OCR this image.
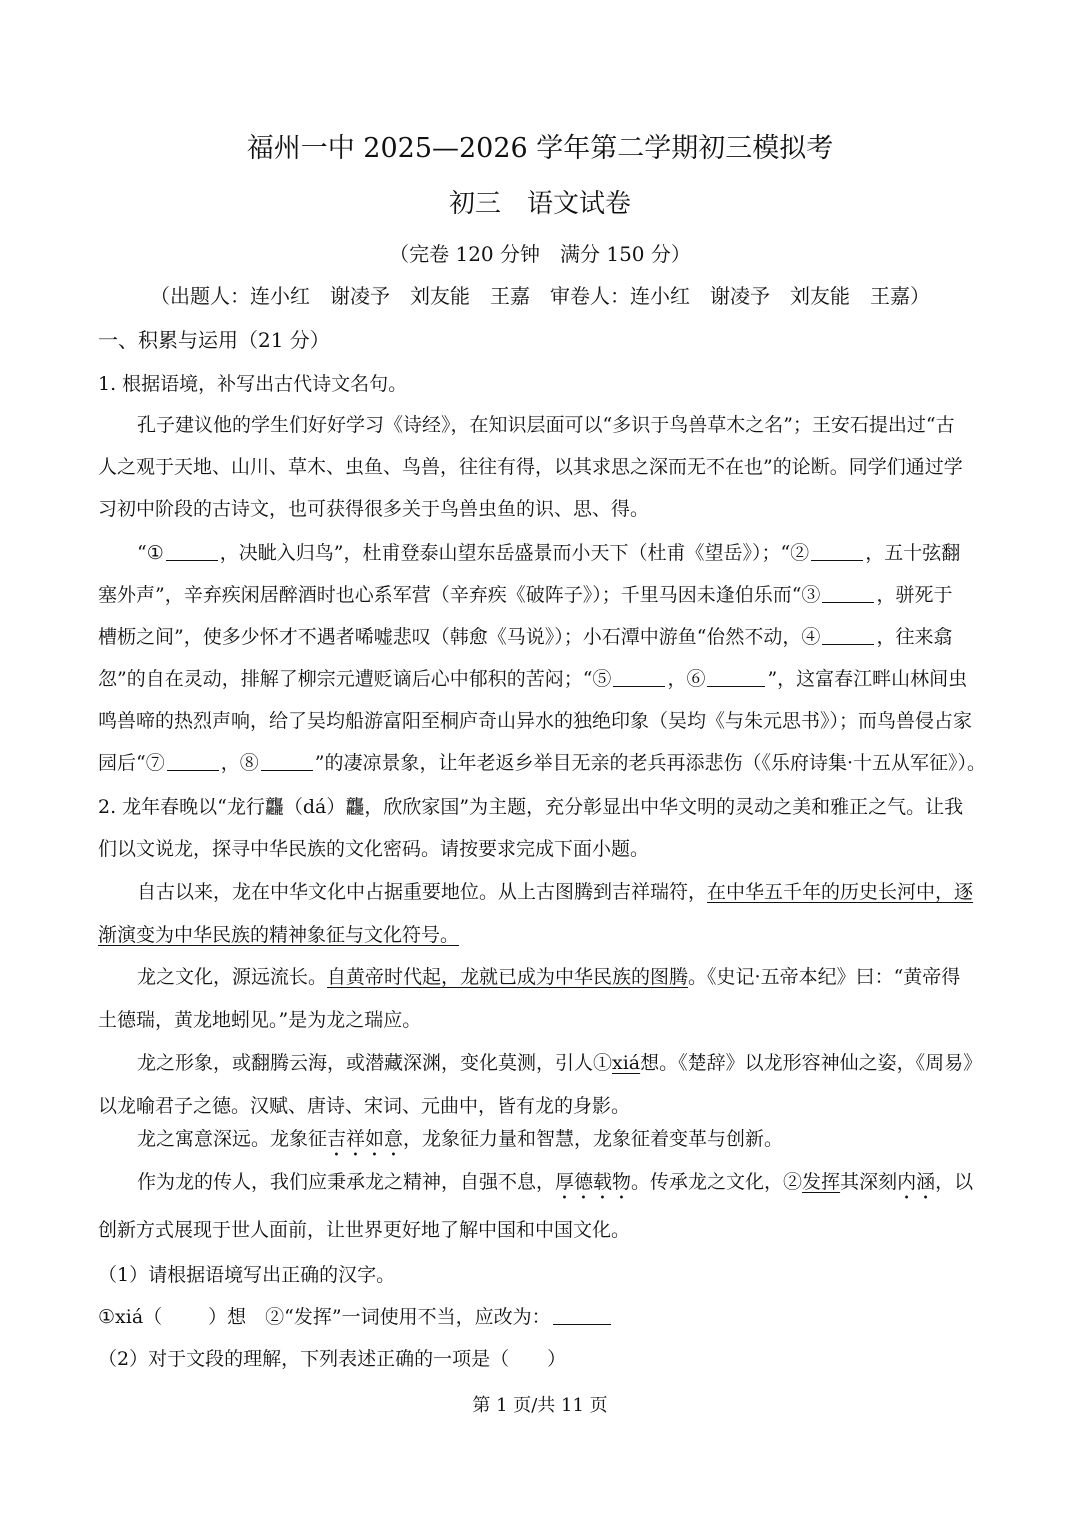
福州一中 2025—2026 学年第二学期初三模拟考
初三　语文试卷
（完卷 120 分钟　满分 150 分）
（出题人：连小红　谢凌予　刘友能　王嘉　审卷人：连小红　谢凌予　刘友能　王嘉）
一、积累与运用（21 分）
1. 根据语境，补写出古代诗文名句。
孔子建议他的学生们好好学习《诗经》，在知识层面可以“多识于鸟兽草木之名”；王安石提出过“古
人之观于天地、山川、草木、虫鱼、鸟兽，往往有得，以其求思之深而无不在也”的论断。同学们通过学
习初中阶段的古诗文，也可获得很多关于鸟兽虫鱼的识、思、得。
“①	，决眦入归鸟”，杜甫登泰山望东岳盛景而小天下（杜甫《望岳》）；“②	，五十弦翻
塞外声”，辛弃疾闲居醉酒时也心系军营（辛弃疾《破阵子》）；千里马因未逢伯乐而“③	，骈死于
槽枥之间”，使多少怀才不遇者唏嘘悲叹（韩愈《马说》）；小石潭中游鱼“佁然不动，④	，往来翕
忽”的自在灵动，排解了柳宗元遭贬谪后心中郁积的苦闷；“⑤	，⑥	”，这富春江畔山林间虫
鸣兽啼的热烈声响，给了吴均船游富阳至桐庐奇山异水的独绝印象（吴均《与朱元思书》）；而鸟兽侵占家
园后“⑦	，⑧	”的凄凉景象，让年老返乡举目无亲的老兵再添悲伤（《乐府诗集·十五从军征》）。
2. 龙年春晚以“龙行龘（dá）龘，欣欣家国”为主题，充分彰显出中华文明的灵动之美和雅正之气。让我
们以文说龙，探寻中华民族的文化密码。请按要求完成下面小题。
自古以来，龙在中华文化中占据重要地位。从上古图腾到吉祥瑞符，在中华五千年的历史长河中，逐
渐演变为中华民族的精神象征与文化符号。
龙之文化，源远流长。自黄帝时代起，龙就已成为中华民族的图腾。《史记·五帝本纪》曰：“黄帝得
土德瑞，黄龙地蚓见。”是为龙之瑞应。
龙之形象，或翻腾云海，或潜藏深渊，变化莫测，引人①xiá想。《楚辞》以龙形容神仙之姿，《周易》
以龙喻君子之德。汉赋、唐诗、宋词、元曲中，皆有龙的身影。
龙之寓意深远。龙象征吉祥如意，龙象征力量和智慧，龙象征着变革与创新。
作为龙的传人，我们应秉承龙之精神，自强不息，厚德载物。传承龙之文化，②发挥其深刻内涵，以
创新方式展现于世人面前，让世界更好地了解中国和中国文化。
（1）请根据语境写出正确的汉字。
①xiá（ ）想　②“发挥”一词使用不当，应改为：
（2）对于文段的理解，下列表述正确的一项是（　　）
第 1 页/共 11 页
